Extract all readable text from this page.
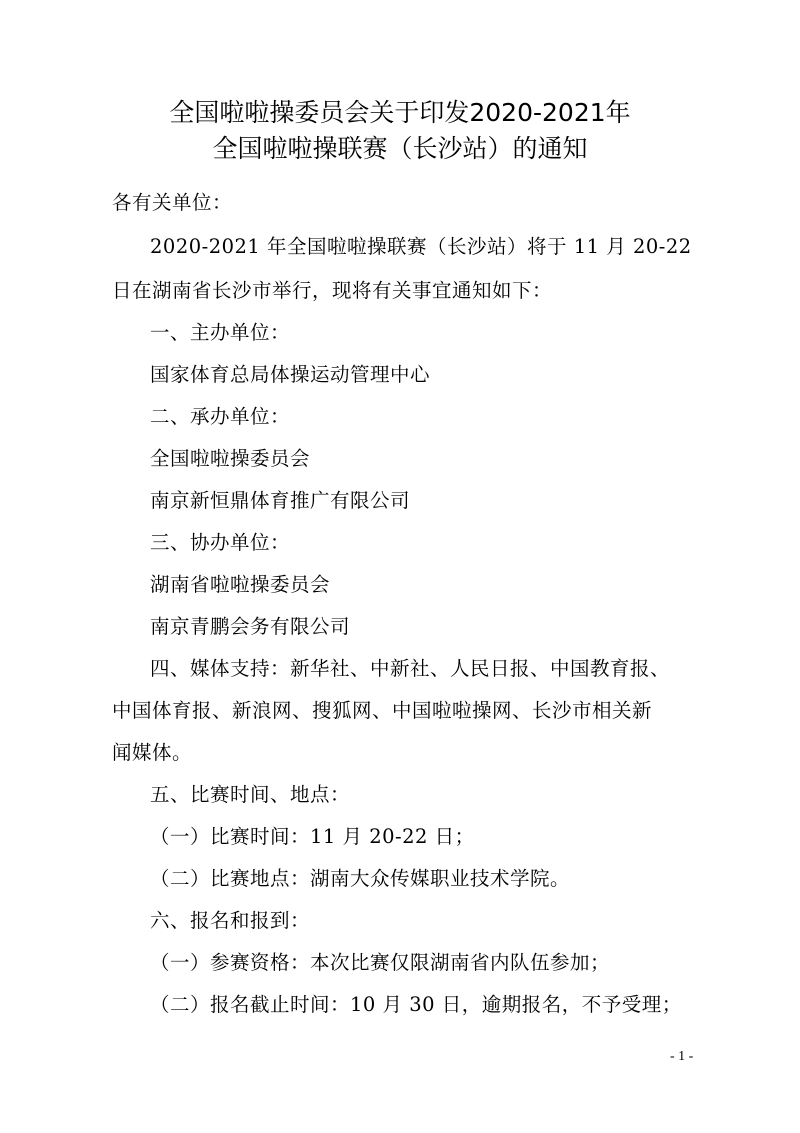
全国啦啦操委员会关于印发2020-2021年
全国啦啦操联赛（长沙站）的通知
各有关单位：
2020-2021 年全国啦啦操联赛（长沙站）将于 11 月 20-22
日在湖南省长沙市举行，现将有关事宜通知如下：
一、主办单位：
国家体育总局体操运动管理中心
二、承办单位：
全国啦啦操委员会
南京新恒鼎体育推广有限公司
三、协办单位：
湖南省啦啦操委员会
南京青鹏会务有限公司
四、媒体支持：新华社、中新社、人民日报、中国教育报、
中国体育报、新浪网、搜狐网、中国啦啦操网、长沙市相关新
闻媒体。
五、比赛时间、地点：
（一）比赛时间：11 月 20-22 日；
（二）比赛地点：湖南大众传媒职业技术学院。
六、报名和报到：
（一）参赛资格：本次比赛仅限湖南省内队伍参加；
（二）报名截止时间：10 月 30 日，逾期报名，不予受理；
- 1 -
